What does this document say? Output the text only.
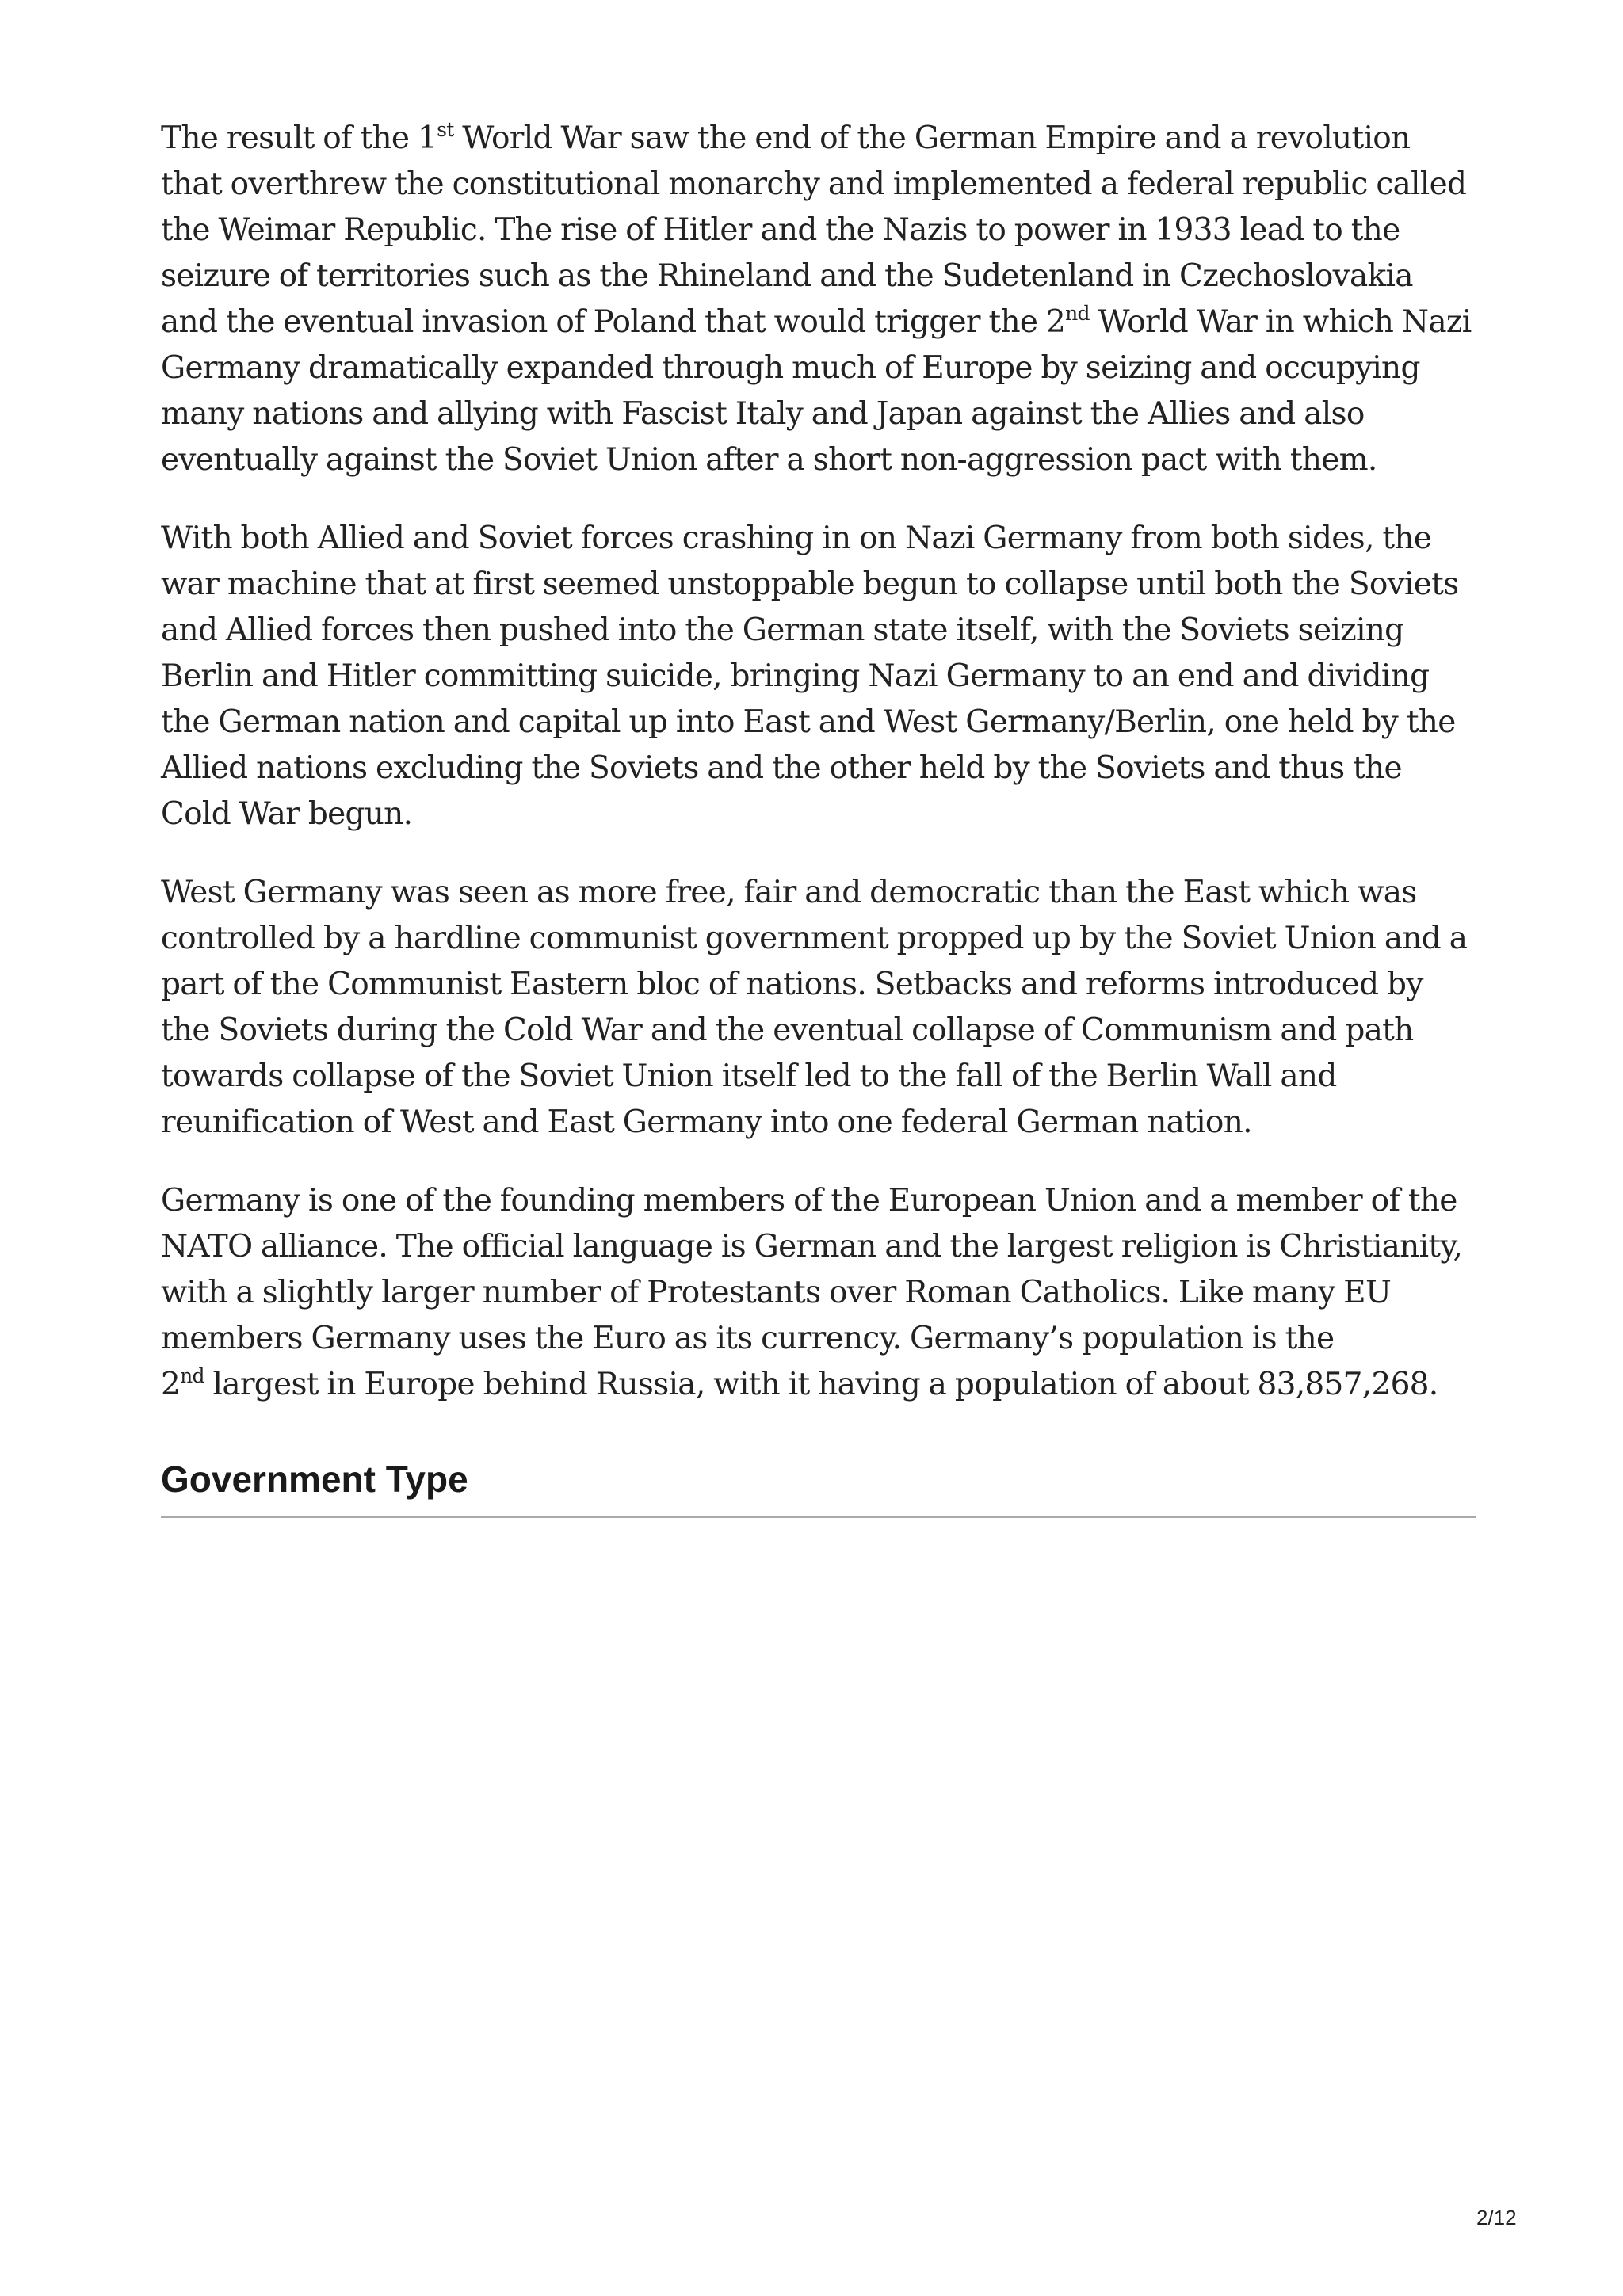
The result of the 1st World War saw the end of the German Empire and a revolution that overthrew the constitutional monarchy and implemented a federal republic called the Weimar Republic. The rise of Hitler and the Nazis to power in 1933 lead to the seizure of territories such as the Rhineland and the Sudetenland in Czechoslovakia and the eventual invasion of Poland that would trigger the 2nd World War in which Nazi Germany dramatically expanded through much of Europe by seizing and occupying many nations and allying with Fascist Italy and Japan against the Allies and also eventually against the Soviet Union after a short non-aggression pact with them.

With both Allied and Soviet forces crashing in on Nazi Germany from both sides, the war machine that at first seemed unstoppable begun to collapse until both the Soviets and Allied forces then pushed into the German state itself, with the Soviets seizing Berlin and Hitler committing suicide, bringing Nazi Germany to an end and dividing the German nation and capital up into East and West Germany/Berlin, one held by the Allied nations excluding the Soviets and the other held by the Soviets and thus the Cold War begun.

West Germany was seen as more free, fair and democratic than the East which was controlled by a hardline communist government propped up by the Soviet Union and a part of the Communist Eastern bloc of nations. Setbacks and reforms introduced by the Soviets during the Cold War and the eventual collapse of Communism and path towards collapse of the Soviet Union itself led to the fall of the Berlin Wall and reunification of West and East Germany into one federal German nation.

Germany is one of the founding members of the European Union and a member of the NATO alliance. The official language is German and the largest religion is Christianity, with a slightly larger number of Protestants over Roman Catholics. Like many EU members Germany uses the Euro as its currency. Germany’s population is the
2nd largest in Europe behind Russia, with it having a population of about 83,857,268.

Government Type
2/12
